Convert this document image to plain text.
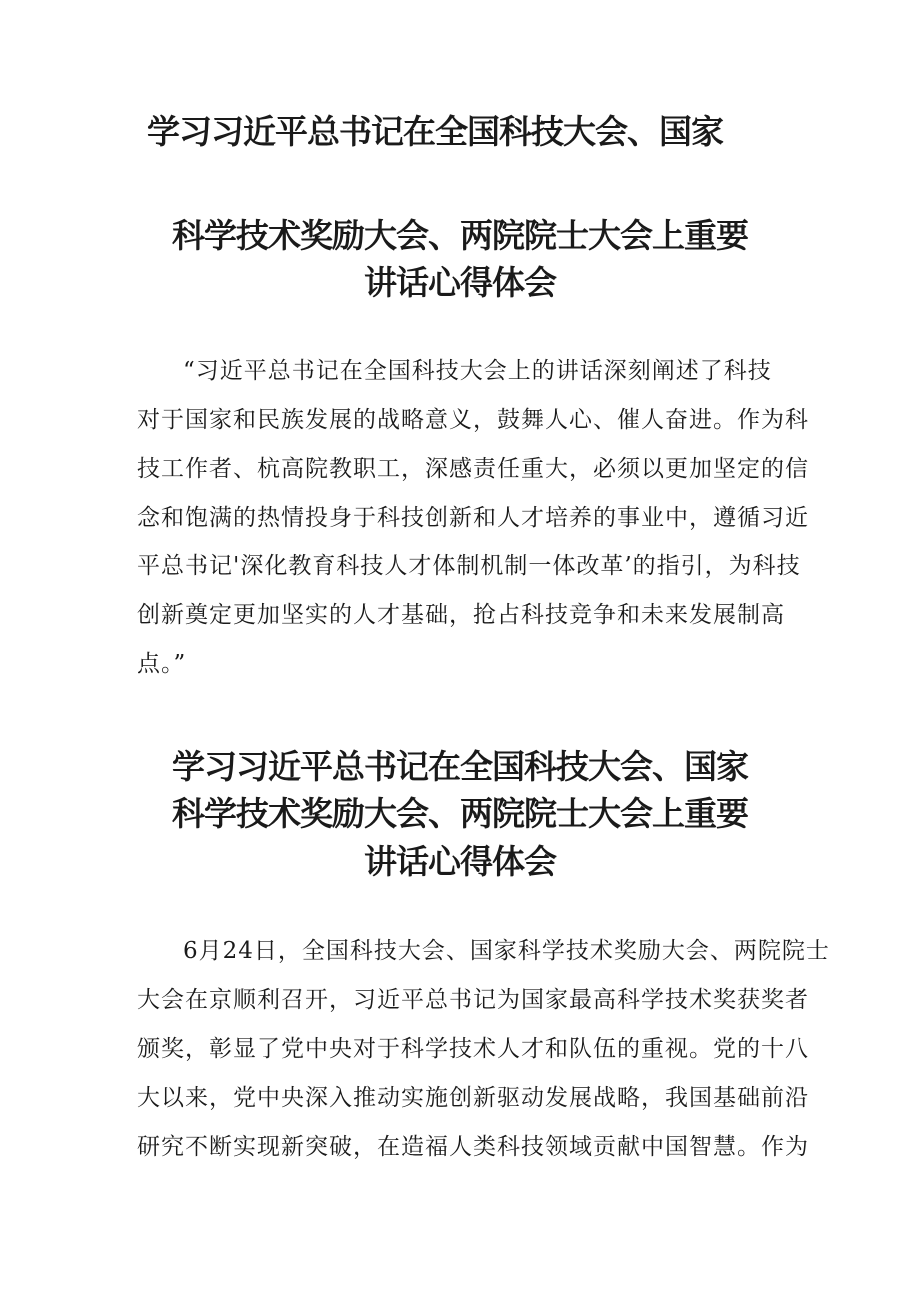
学习习近平总书记在全国科技大会、国家
科学技术奖励大会、两院院士大会上重要
讲话心得体会
“习近平总书记在全国科技大会上的讲话深刻阐述了科技
对于国家和民族发展的战略意义，鼓舞人心、催人奋进。作为科
技工作者、杭高院教职工，深感责任重大，必须以更加坚定的信
念和饱满的热情投身于科技创新和人才培养的事业中，遵循习近
平总书记'深化教育科技人才体制机制一体改革’的指引，为科技
创新奠定更加坚实的人才基础，抢占科技竞争和未来发展制高
点。”
学习习近平总书记在全国科技大会、国家
科学技术奖励大会、两院院士大会上重要
讲话心得体会
6月24日，全国科技大会、国家科学技术奖励大会、两院院士
大会在京顺利召开，习近平总书记为国家最高科学技术奖获奖者
颁奖，彰显了党中央对于科学技术人才和队伍的重视。党的十八
大以来，党中央深入推动实施创新驱动发展战略，我国基础前沿
研究不断实现新突破，在造福人类科技领域贡献中国智慧。作为
